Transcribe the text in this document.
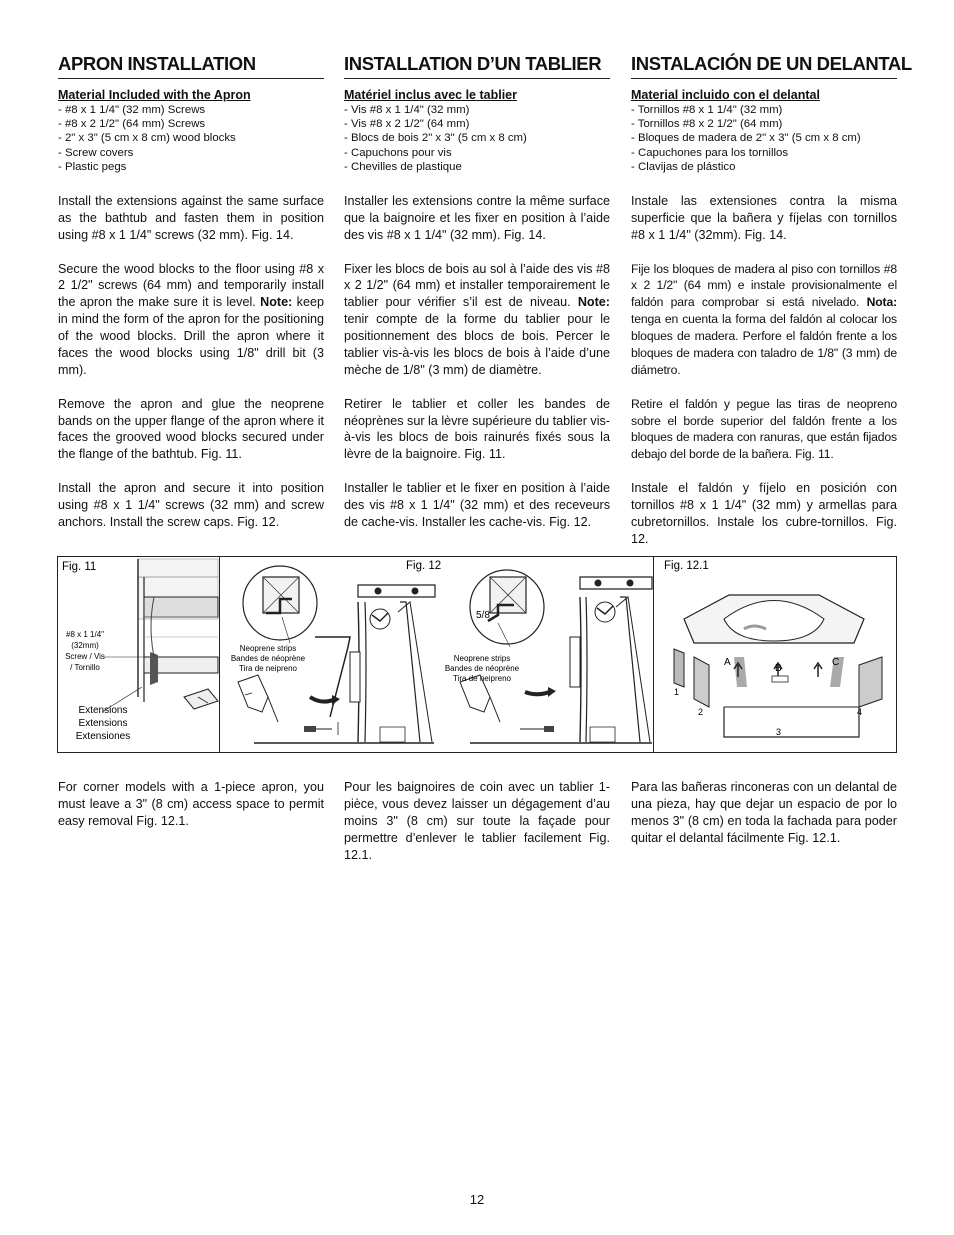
APRON INSTALLATION
Material Included with the Apron
- #8 x 1 1/4" (32 mm) Screws
- #8 x 2 1/2" (64 mm) Screws
- 2" x 3" (5 cm x 8 cm) wood blocks
- Screw covers
- Plastic pegs

Install the extensions against the same surface as the bathtub and fasten them in position using #8 x 1 1/4" screws (32 mm). Fig. 14.

Secure the wood blocks to the floor using #8 x 2 1/2" screws (64 mm) and temporarily install the apron the make sure it is level. Note: keep in mind the form of the apron for the positioning of the wood blocks. Drill the apron where it faces the wood blocks using 1/8" drill bit (3 mm).

Remove the apron and glue the neoprene bands on the upper flange of the apron where it faces the grooved wood blocks secured under the flange of the bathtub. Fig. 11.

Install the apron and secure it into position using #8 x 1 1/4" screws (32 mm) and screw anchors. Install the screw caps. Fig. 12.

INSTALLATION D’UN TABLIER
Matériel inclus avec le tablier
- Vis #8 x 1 1/4" (32 mm)
- Vis #8 x 2 1/2" (64 mm)
- Blocs de bois 2" x 3" (5 cm x 8 cm)
- Capuchons pour vis
- Chevilles de plastique

Installer les extensions contre la même surface que la baignoire et les fixer en position à l’aide des vis #8 x 1 1/4" (32 mm). Fig. 14.

Fixer les blocs de bois au sol à l’aide des vis #8 x 2 1/2" (64 mm) et installer temporairement le tablier pour vérifier s’il est de niveau. Note: tenir compte de la forme du tablier pour le positionnement des blocs de bois. Percer le tablier vis-à-vis les blocs de bois à l’aide d’une mèche de 1/8" (3 mm) de diamètre.

Retirer le tablier et coller les bandes de néoprènes sur la lèvre supérieure du tablier vis-à-vis les blocs de bois rainurés fixés sous la lèvre de la baignoire. Fig. 11.

Installer le tablier et le fixer en position à l’aide des vis #8 x 1 1/4" (32 mm) et des receveurs de cache-vis. Installer les cache-vis. Fig. 12.

INSTALACIÓN DE UN DELANTAL
Material incluido con el delantal
- Tornillos #8 x 1 1/4" (32 mm)
- Tornillos #8 x 2 1/2" (64 mm)
- Bloques de madera de 2" x 3" (5 cm x 8 cm)
- Capuchones para los tornillos
- Clavijas de plástico

Instale las extensiones contra la misma superficie que la bañera y fíjelas con tornillos #8 x 1 1/4" (32mm). Fig. 14.

Fije los bloques de madera al piso con tornillos #8 x 2 1/2" (64 mm) e instale provisionalmente el faldón para comprobar si está nivelado. Nota: tenga en cuenta la forma del faldón al colocar los bloques de madera. Perfore el faldón frente a los bloques de madera con taladro de 1/8" (3 mm) de diámetro.

Retire el faldón y pegue las tiras de neopreno sobre el borde superior del faldón frente a los bloques de madera con ranuras, que están fijados debajo del borde de la bañera. Fig. 11.

Instale el faldón y fíjelo en posición con tornillos #8 x 1 1/4" (32 mm) y armellas para cubretornillos. Instale los cubre-tornillos. Fig. 12.

Fig. 11
#8 x 1 1/4"
(32mm)
Screw / Vis
/ Tornillo
Extensions
Extensions
Extensiones
Neoprene strips
Bandes de néoprène
Tira de neipreno
Fig. 12
5/8
Neoprene strips
Bandes de néoprène
Tira de neipreno
Fig. 12.1
A
B
C
1
2
3
4

For corner models with a 1-piece apron, you must leave a 3" (8 cm) access space to permit easy removal Fig. 12.1.

Pour les baignoires de coin avec un tablier 1-pièce, vous devez laisser un dégagement d’au moins 3" (8 cm) sur toute la façade pour permettre d’enlever le tablier facilement Fig. 12.1.

Para las bañeras rinconeras con un delantal de una pieza, hay que dejar un espacio de por lo menos 3" (8 cm) en toda la fachada para poder quitar el delantal fácilmente Fig. 12.1.

12
